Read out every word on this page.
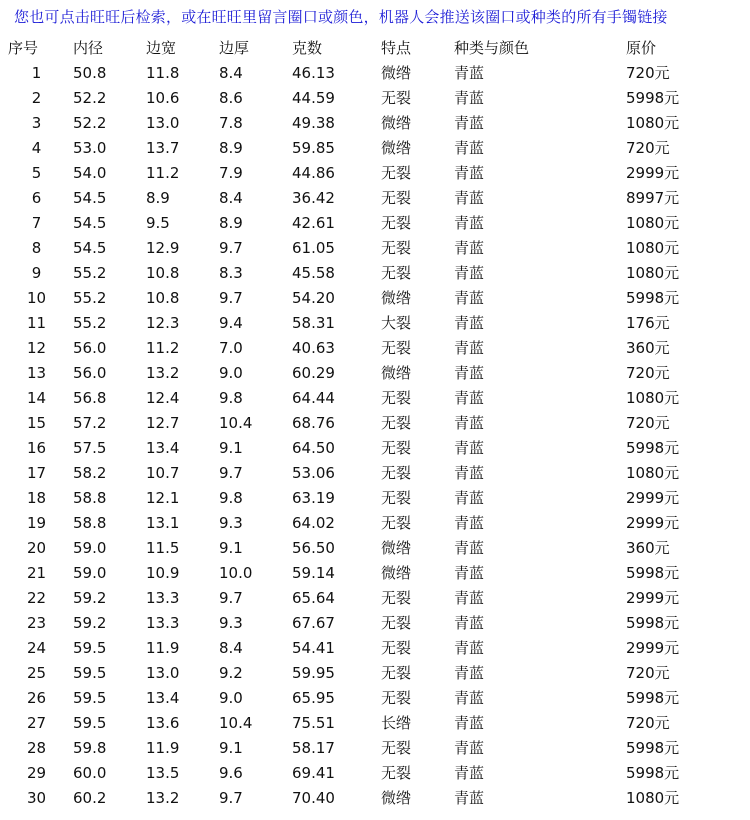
您也可点击旺旺后检索，或在旺旺里留言圈口或颜色，机器人会推送该圈口或种类的所有手镯链接
序号	内径	边宽	边厚	克数	特点	种类与颜色	原价
1	50.8	11.8	8.4	46.13	微绺	青蓝	720元
2	52.2	10.6	8.6	44.59	无裂	青蓝	5998元
3	52.2	13.0	7.8	49.38	微绺	青蓝	1080元
4	53.0	13.7	8.9	59.85	微绺	青蓝	720元
5	54.0	11.2	7.9	44.86	无裂	青蓝	2999元
6	54.5	8.9	8.4	36.42	无裂	青蓝	8997元
7	54.5	9.5	8.9	42.61	无裂	青蓝	1080元
8	54.5	12.9	9.7	61.05	无裂	青蓝	1080元
9	55.2	10.8	8.3	45.58	无裂	青蓝	1080元
10	55.2	10.8	9.7	54.20	微绺	青蓝	5998元
11	55.2	12.3	9.4	58.31	大裂	青蓝	176元
12	56.0	11.2	7.0	40.63	无裂	青蓝	360元
13	56.0	13.2	9.0	60.29	微绺	青蓝	720元
14	56.8	12.4	9.8	64.44	无裂	青蓝	1080元
15	57.2	12.7	10.4	68.76	无裂	青蓝	720元
16	57.5	13.4	9.1	64.50	无裂	青蓝	5998元
17	58.2	10.7	9.7	53.06	无裂	青蓝	1080元
18	58.8	12.1	9.8	63.19	无裂	青蓝	2999元
19	58.8	13.1	9.3	64.02	无裂	青蓝	2999元
20	59.0	11.5	9.1	56.50	微绺	青蓝	360元
21	59.0	10.9	10.0	59.14	微绺	青蓝	5998元
22	59.2	13.3	9.7	65.64	无裂	青蓝	2999元
23	59.2	13.3	9.3	67.67	无裂	青蓝	5998元
24	59.5	11.9	8.4	54.41	无裂	青蓝	2999元
25	59.5	13.0	9.2	59.95	无裂	青蓝	720元
26	59.5	13.4	9.0	65.95	无裂	青蓝	5998元
27	59.5	13.6	10.4	75.51	长绺	青蓝	720元
28	59.8	11.9	9.1	58.17	无裂	青蓝	5998元
29	60.0	13.5	9.6	69.41	无裂	青蓝	5998元
30	60.2	13.2	9.7	70.40	微绺	青蓝	1080元
